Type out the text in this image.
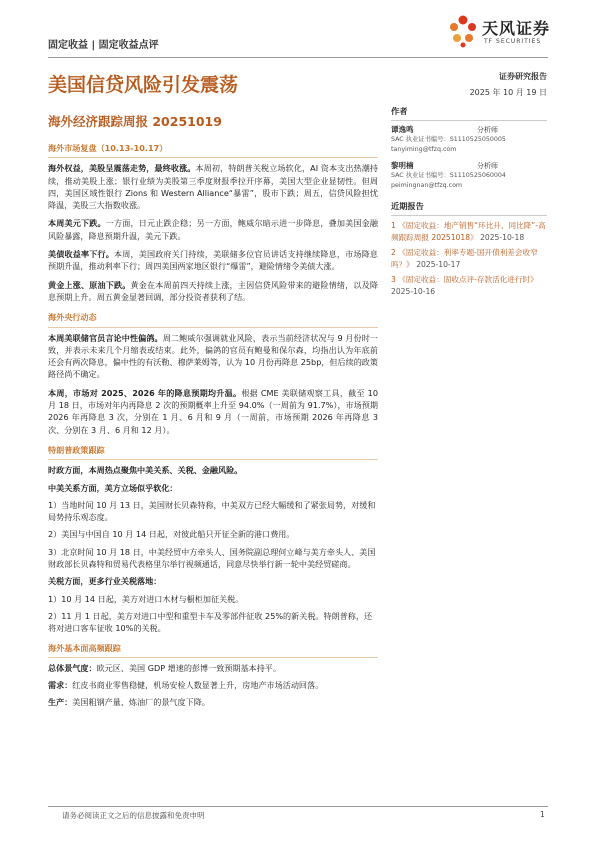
天风证券
TF SECURITIES
固定收益 | 固定收益点评
美国信贷风险引发震荡	证券研究报告
2025 年 10 月 19 日
海外经济跟踪周报 20251019
海外市场复盘（10.13-10.17）

海外权益，美股呈震荡走势，最终收涨。本周初，特朗普关税立场软化，AI 资本支出热潮持续，推动美股上涨；银行业绩为美股第三季度财报季拉开序幕，美国大型企业显韧性。但周四，美国区域性银行 Zions 和 Western Alliance“暴雷”，股市下跌；周五，信贷风险担忧降温，美股三大指数收涨。

本周美元下跌。一方面，日元止跌企稳；另一方面，鲍威尔暗示进一步降息，叠加美国金融风险暴露，降息预期升温，美元下跌。

美债收益率下行。本周，美国政府关门持续，美联储多位官员讲话支持继续降息，市场降息预期升温，推动利率下行；周四美国两家地区银行“爆雷”，避险情绪令美债大涨。

黄金上涨、原油下跌。黄金在本周前四天持续上涨，主因信贷风险带来的避险情绪，以及降息预期上升。周五黄金显著回调，部分投资者获利了结。

海外央行动态

本周美联储官员言论中性偏鸽。周二鲍威尔强调就业风险，表示当前经济状况与 9 月份时一致，并表示未来几个月缩表或结束。此外，偏鸽的官员有鲍曼和保尔森，均指出认为年底前还会有两次降息，偏中性的有沃勒、穆萨莱姆等，认为 10 月份再降息 25bp，但后续的政策路径尚不确定。

本周，市场对 2025、2026 年的降息预期均升温。根据 CME 美联储观察工具，截至 10 月 18 日，市场对年内再降息 2 次的预期概率上升至 94.0%（一周前为 91.7%），市场预期 2026 年再降息 3 次，分别在 1 月、6 月和 9 月（一周前，市场预期 2026 年再降息 3 次、分别在 3 月、6 月和 12 月）。

特朗普政策跟踪

时政方面，本周热点聚焦中美关系、关税、金融风险。

中美关系方面，美方立场似乎软化：

1）当地时间 10 月 13 日，美国财长贝森特称，中美双方已经大幅缓和了紧张局势，对缓和局势持乐观态度。

2）美国与中国自 10 月 14 日起，对彼此船只开征全新的港口费用。

3）北京时间 10 月 18 日，中美经贸中方牵头人、国务院副总理何立峰与美方牵头人、美国财政部长贝森特和贸易代表格里尔举行视频通话，同意尽快举行新一轮中美经贸磋商。

关税方面，更多行业关税落地：

1）10 月 14 日起，美方对进口木材与橱柜加征关税。

2）11 月 1 日起，美方对进口中型和重型卡车及零部件征收 25%的新关税。特朗普称，还将对进口客车征收 10%的关税。

海外基本面高频跟踪

总体景气度：欧元区、美国 GDP 增速的彭博一致预期基本持平。

需求：红皮书商业零售稳健，机场安检人数显著上升，房地产市场活动回落。

生产：美国粗钢产量、炼油厂的景气度下降。

作者
谭逸鸣	分析师
SAC 执业证书编号：S1110525050005
tanyiming@tfzq.com
黎明楠	分析师
SAC 执业证书编号：S1110525060004
peimingnan@tfzq.com
近期报告
1 《固定收益：地产销售“环比升、同比降”-高频跟踪周报 20251018》 2025-10-18
2 《固定收益：利率专题-国开债利差会收窄吗？》 2025-10-17
3 《固定收益：固收点评-存款活化进行时》 2025-10-16
请务必阅读正文之后的信息披露和免责申明	1
